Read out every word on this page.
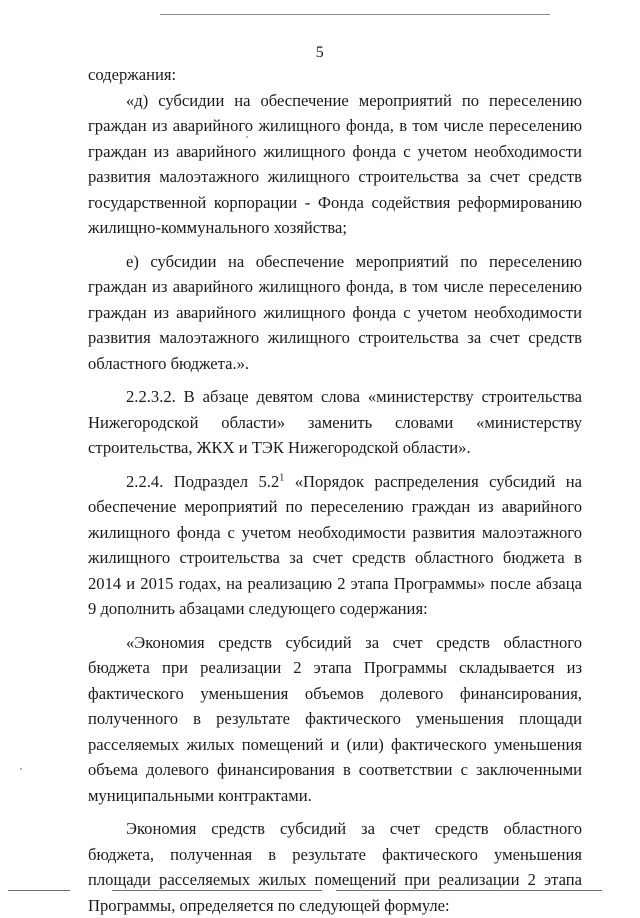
5

содержания:

«д) субсидии на обеспечение мероприятий по переселению граждан из аварийного жилищного фонда, в том числе переселению граждан из аварийного жилищного фонда с учетом необходимости развития малоэтажного жилищного строительства за счет средств государственной корпорации - Фонда содействия реформированию жилищно-коммунального хозяйства;

е) субсидии на обеспечение мероприятий по переселению граждан из аварийного жилищного фонда, в том числе переселению граждан из аварийного жилищного фонда с учетом необходимости развития малоэтажного жилищного строительства за счет средств областного бюджета.».

2.2.3.2. В абзаце девятом слова «министерству строительства Нижегородской области» заменить словами «министерству строительства, ЖКХ и ТЭК Нижегородской области».

2.2.4. Подраздел $5.2^1$ «Порядок распределения субсидий на обеспечение мероприятий по переселению граждан из аварийного жилищного фонда с учетом необходимости развития малоэтажного жилищного строительства за счет средств областного бюджета в 2014 и 2015 годах, на реализацию 2 этапа Программы» после абзаца 9 дополнить абзацами следующего содержания:

«Экономия средств субсидий за счет средств областного бюджета при реализации 2 этапа Программы складывается из фактического уменьшения объемов долевого финансирования, полученного в результате фактического уменьшения площади расселяемых жилых помещений и (или) фактического уменьшения объема долевого финансирования в соответствии с заключенными муниципальными контрактами.

Экономия средств субсидий за счет средств областного бюджета, полученная в результате фактического уменьшения площади расселяемых жилых помещений при реализации 2 этапа Программы, определяется по следующей формуле:
